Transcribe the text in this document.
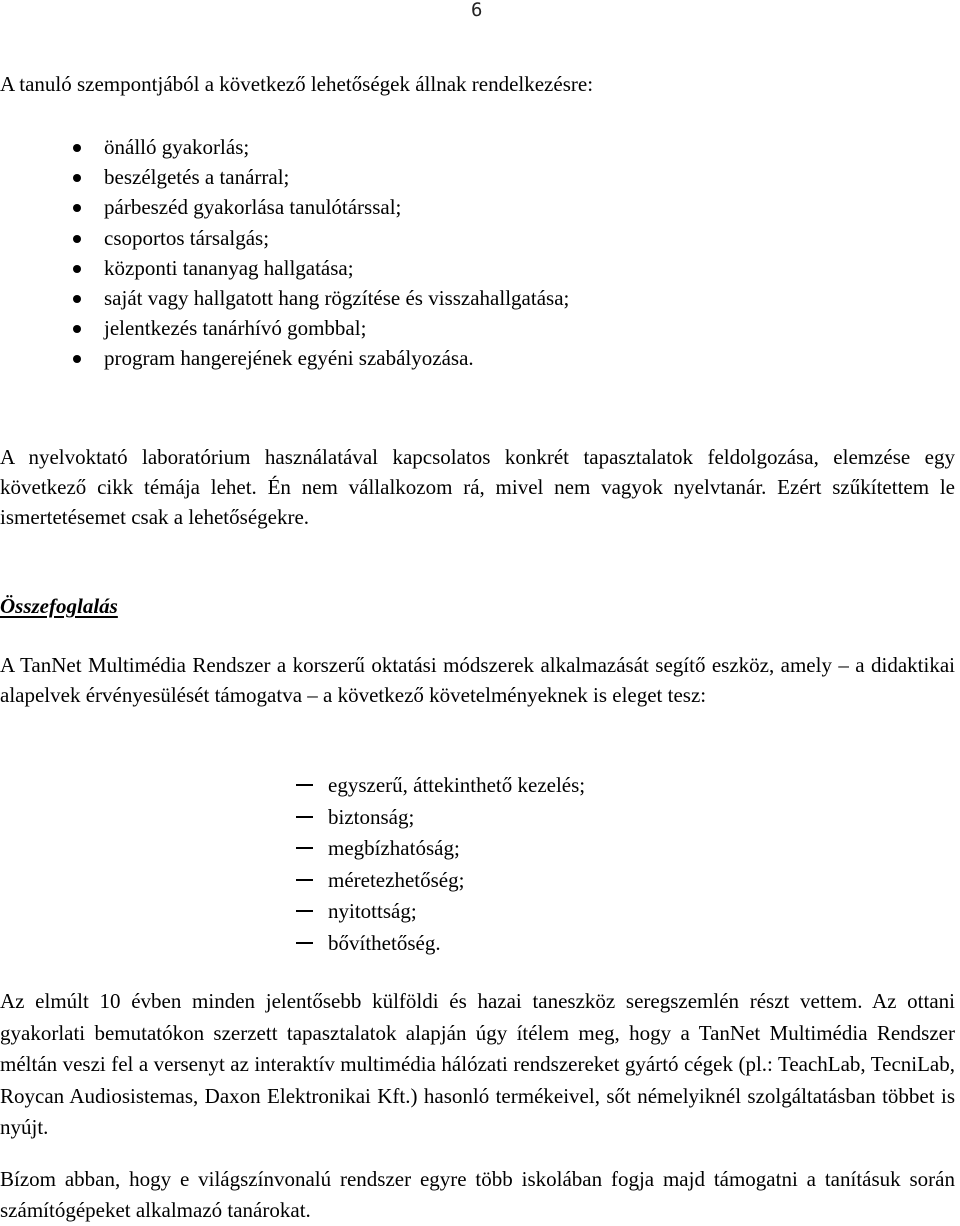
6

A tanuló szempontjából a következő lehetőségek állnak rendelkezésre:

önálló gyakorlás;
beszélgetés a tanárral;
párbeszéd gyakorlása tanulótárssal;
csoportos társalgás;
központi tananyag hallgatása;
saját vagy hallgatott hang rögzítése és visszahallgatása;
jelentkezés tanárhívó gombbal;
program hangerejének egyéni szabályozása.

A nyelvoktató laboratórium használatával kapcsolatos konkrét tapasztalatok feldolgozása, elemzése egy következő cikk témája lehet. Én nem vállalkozom rá, mivel nem vagyok nyelvtanár. Ezért szűkítettem le ismertetésemet csak a lehetőségekre.

Összefoglalás

A TanNet Multimédia Rendszer a korszerű oktatási módszerek alkalmazását segítő eszköz, amely – a didaktikai alapelvek érvényesülését támogatva – a következő követelményeknek is eleget tesz:

egyszerű, áttekinthető kezelés;
biztonság;
megbízhatóság;
méretezhetőség;
nyitottság;
bővíthetőség.

Az elmúlt 10 évben minden jelentősebb külföldi és hazai taneszköz seregszemlén részt vettem. Az ottani gyakorlati bemutatókon szerzett tapasztalatok alapján úgy ítélem meg, hogy a TanNet Multimédia Rendszer méltán veszi fel a versenyt az interaktív multimédia hálózati rendszereket gyártó cégek (pl.: TeachLab, TecniLab, Roycan Audiosistemas, Daxon Elektronikai Kft.) hasonló termékeivel, sőt némelyiknél szolgáltatásban többet is nyújt.

Bízom abban, hogy e világszínvonalú rendszer egyre több iskolában fogja majd támogatni a tanításuk során számítógépeket alkalmazó tanárokat.
